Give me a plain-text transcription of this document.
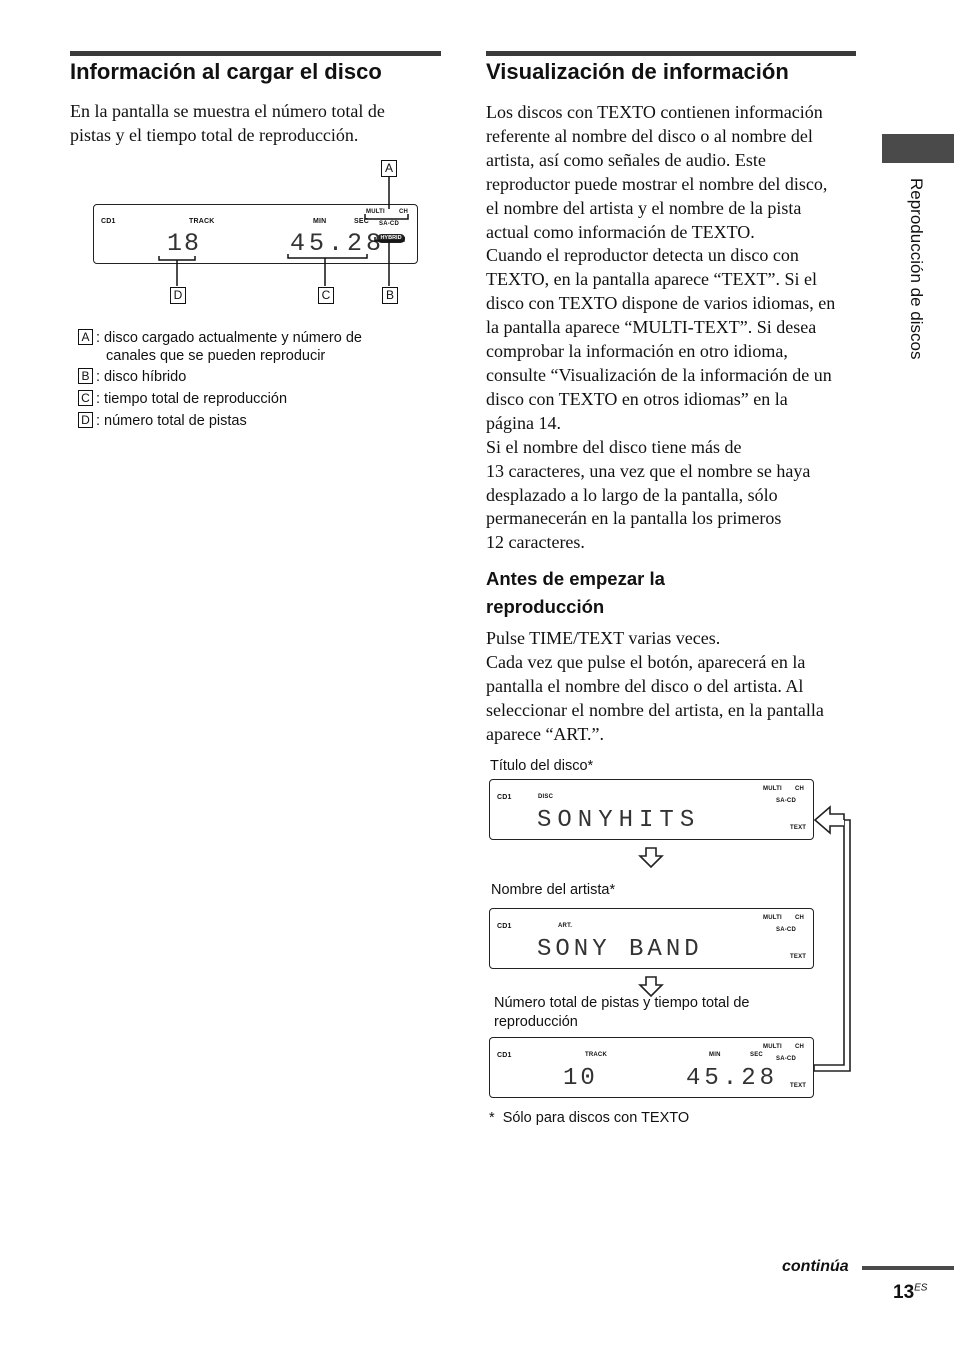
Información al cargar el disco
En la pantalla se muestra el número total de pistas y el tiempo total de reproducción.
CD1	TRACK	MIN	SEC
MULTI CH
SA-CD
HYBRID
18	45.28
A
B
C
D
A : disco cargado actualmente y número de
canales que se pueden reproducir
B : disco híbrido
C : tiempo total de reproducción
D : número total de pistas
Visualización de información
Los discos con TEXTO contienen información
referente al nombre del disco o al nombre del
artista, así como señales de audio. Este
reproductor puede mostrar el nombre del disco,
el nombre del artista y el nombre de la pista
actual como información de TEXTO.
Cuando el reproductor detecta un disco con
TEXTO, en la pantalla aparece “TEXT”. Si el
disco con TEXTO dispone de varios idiomas, en
la pantalla aparece “MULTI-TEXT”. Si desea
comprobar la información en otro idioma,
consulte “Visualización de la información de un
disco con TEXTO en otros idiomas” en la
página 14.
Si el nombre del disco tiene más de
13 caracteres, una vez que el nombre se haya
desplazado a lo largo de la pantalla, sólo
permanecerán en la pantalla los primeros
12 caracteres.
Antes de empezar la
reproducción
Pulse TIME/TEXT varias veces.
Cada vez que pulse el botón, aparecerá en la
pantalla el nombre del disco o del artista. Al
seleccionar el nombre del artista, en la pantalla
aparece “ART.”.
Título del disco*
CD1	DISC
MULTI CH
SA-CD
TEXT
SONYHITS
Nombre del artista*
CD1	ART.
MULTI CH
SA-CD
TEXT
SONY BAND
Número total de pistas y tiempo total de
reproducción
CD1	TRACK	MIN	SEC
MULTI CH
SA-CD
TEXT
10	45.28
*  Sólo para discos con TEXTO
Reproducción de discos
continúa
$13^{ES}$
